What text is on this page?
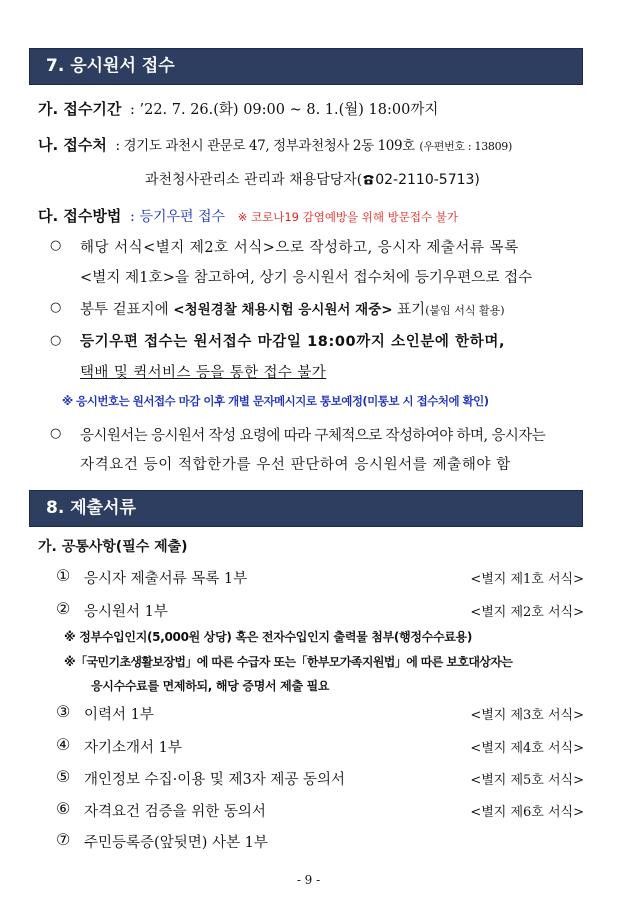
7. 응시원서 접수
가. 접수기간 : ’22. 7. 26.(화) 09:00 ~ 8. 1.(월) 18:00까지
나. 접수처 : 경기도 과천시 관문로 47, 정부과천청사 2동 109호 (우편번호 : 13809)
과천청사관리소 관리과 채용담당자( 02-2110-5713)
다. 접수방법 : 등기우편 접수 ※ 코로나19 감염예방을 위해 방문접수 불가
○ 해당 서식<별지 제2호 서식>으로 작성하고, 응시자 제출서류 목록
<별지 제1호>을 참고하여, 상기 응시원서 접수처에 등기우편으로 접수
○ 봉투 겉표지에 <청원경찰 채용시험 응시원서 재중> 표기(붙임 서식 활용)
○ 등기우편 접수는 원서접수 마감일 18:00까지 소인분에 한하며,
택배 및 퀵서비스 등을 통한 접수 불가
※ 응시번호는 원서접수 마감 이후 개별 문자메시지로 통보예정(미통보 시 접수처에 확인)
○ 응시원서는 응시원서 작성 요령에 따라 구체적으로 작성하여야 하며, 응시자는
자격요건 등이 적합한가를 우선 판단하여 응시원서를 제출해야 함
8. 제출서류
가. 공통사항(필수 제출)
① 응시자 제출서류 목록 1부	<별지 제1호 서식>
② 응시원서 1부	<별지 제2호 서식>
※ 정부수입인지(5,000원 상당) 혹은 전자수입인지 출력물 첨부(행정수수료용)
※「국민기초생활보장법」에 따른 수급자 또는「한부모가족지원법」에 따른 보호대상자는
응시수수료를 면제하되, 해당 증명서 제출 필요
③ 이력서 1부	<별지 제3호 서식>
④ 자기소개서 1부	<별지 제4호 서식>
⑤ 개인정보 수집·이용 및 제3자 제공 동의서	<별지 제5호 서식>
⑥ 자격요건 검증을 위한 동의서	<별지 제6호 서식>
⑦ 주민등록증(앞뒷면) 사본 1부
- 9 -
